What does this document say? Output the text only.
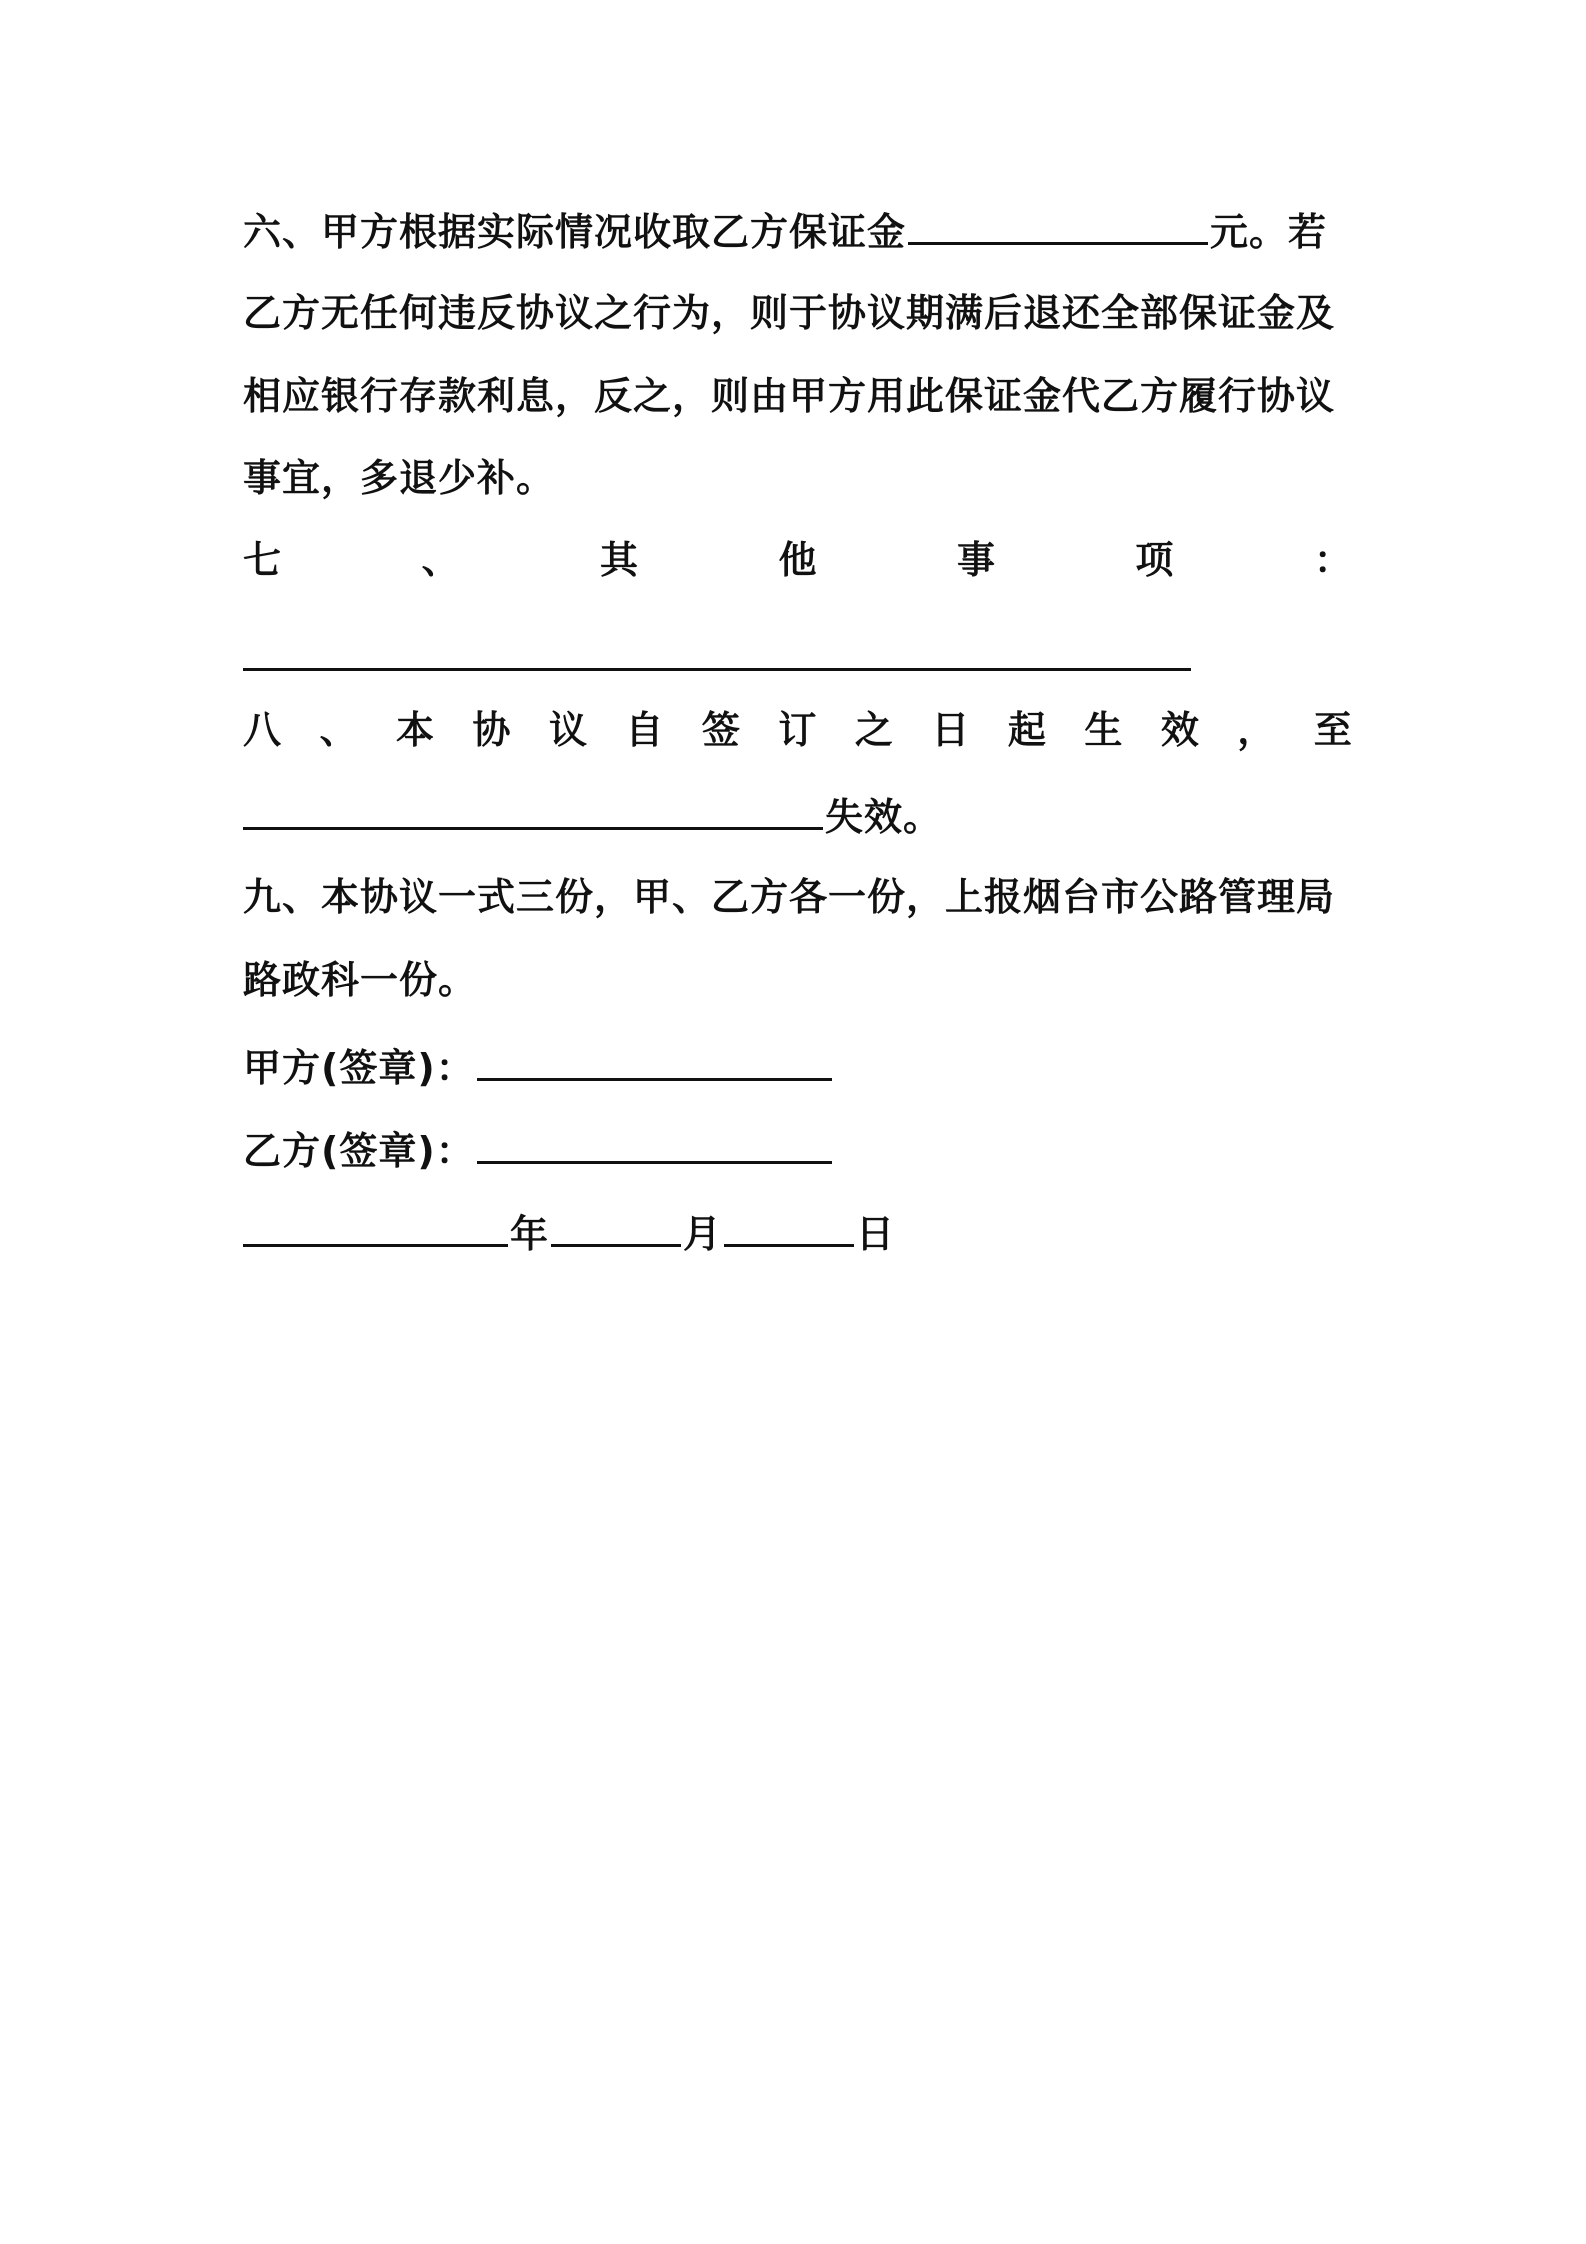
六、甲方根据实际情况收取乙方保证金	元。若
乙方无任何违反协议之行为，则于协议期满后退还全部保证金及
相应银行存款利息，反之，则由甲方用此保证金代乙方履行协议
事宜，多退少补。
七	、	其	他	事	项	：
八 、 本 协 议 自 签 订 之 日 起 生 效 ， 至
失效。
九、本协议一式三份，甲、乙方各一份，上报烟台市公路管理局
路政科一份。
甲方(签章)：
乙方(签章)：
年	月	日
